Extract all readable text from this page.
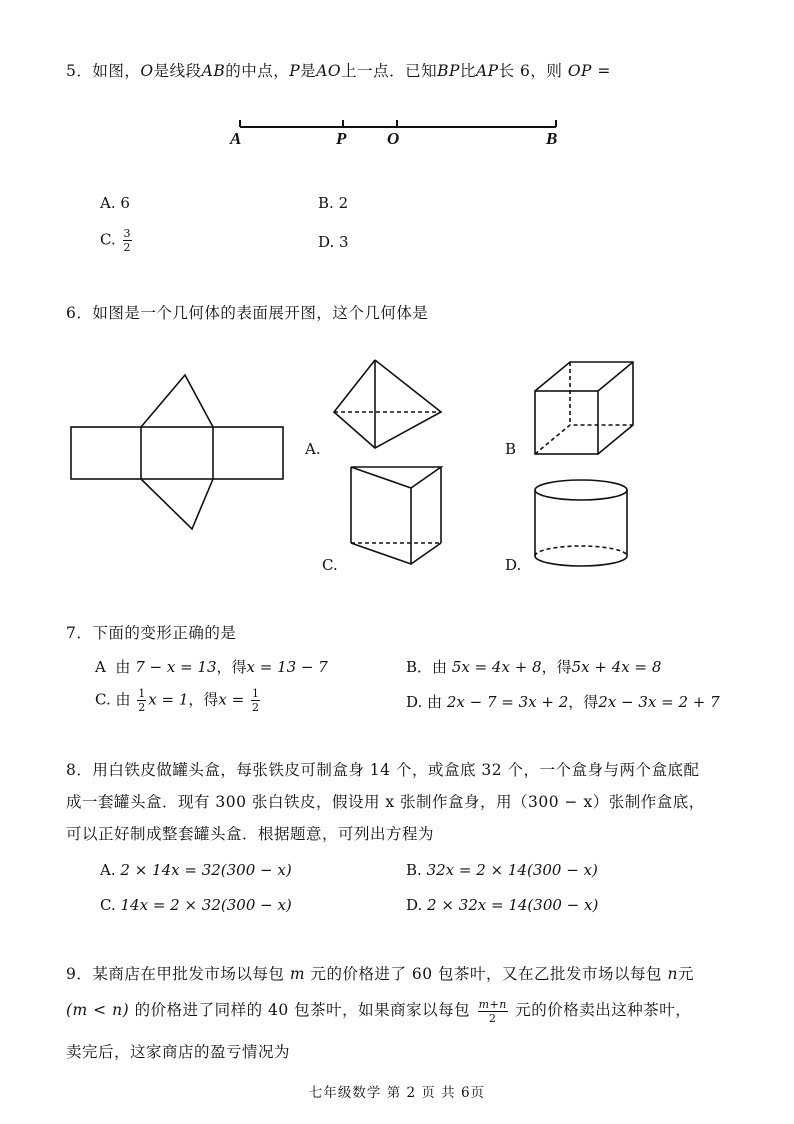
5．如图，O是线段AB的中点，P是AO上一点．已知BP比AP长 6，则 OP =
A	P O	B
A. 6	B. 2
C. $\frac{3}{2}$	D. 3
6．如图是一个几何体的表面展开图，这个几何体是
A.	B
C.	D.
7．下面的变形正确的是
A 由 7 − x = 13，得x = 13 − 7	B．由 5x = 4x + 8，得5x + 4x = 8
C. 由 $\frac{1}{2}$ x = 1，得$x = \frac{1}{2}$	D. 由 2x − 7 = 3x + 2，得2x − 3x = 2 + 7
8．用白铁皮做罐头盒，每张铁皮可制盒身 14 个，或盒底 32 个，一个盒身与两个盒底配
成一套罐头盒．现有 300 张白铁皮，假设用 x 张制作盒身，用（300 − x）张制作盒底，
可以正好制成整套罐头盒．根据题意，可列出方程为
A. 2 × 14x = 32(300 − x)	B. 32x = 2 × 14(300 − x)
C. 14x = 2 × 32(300 − x)	D. 2 × 32x = 14(300 − x)
9．某商店在甲批发市场以每包 m 元的价格进了 60 包茶叶，又在乙批发市场以每包 n元
(m < n) 的价格进了同样的 40 包茶叶，如果商家以每包 $\frac{m+n}{2}$ 元的价格卖出这种茶叶，
卖完后，这家商店的盈亏情况为
七年级数学 第 2 页 共 6页
